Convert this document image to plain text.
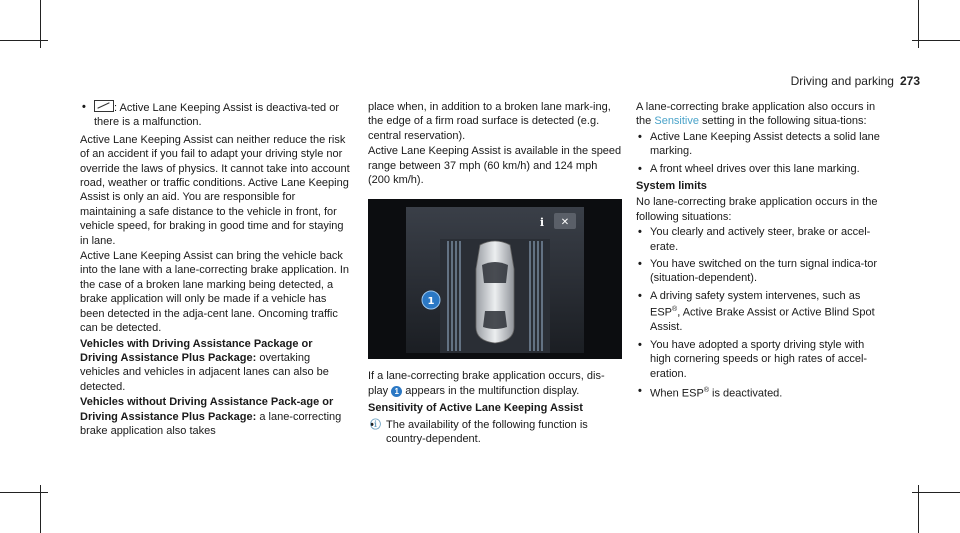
Driving and parking 273
• : Active Lane Keeping Assist is deactiva-ted or there is a malfunction.

Active Lane Keeping Assist can neither reduce the risk of an accident if you fail to adapt your driving style nor override the laws of physics. It cannot take into account road, weather or traffic conditions. Active Lane Keeping Assist is only an aid. You are responsible for maintaining a safe distance to the vehicle in front, for vehicle speed, for braking in good time and for staying in lane.

Active Lane Keeping Assist can bring the vehicle back into the lane with a lane-correcting brake application. In the case of a broken lane marking being detected, a brake application will only be made if a vehicle has been detected in the adja-cent lane. Oncoming traffic can be detected.

Vehicles with Driving Assistance Package or Driving Assistance Plus Package: overtaking vehicles and vehicles in adjacent lanes can also be detected.

Vehicles without Driving Assistance Pack-age or Driving Assistance Plus Package: a lane-correcting brake application also takes

place when, in addition to a broken lane mark-ing, the edge of a firm road surface is detected (e.g. central reservation).

Active Lane Keeping Assist is available in the speed range between 37 mph (60 km/h) and 124 mph (200 km/h).

✕
i
1

If a lane-correcting brake application occurs, dis-play 1 appears in the multifunction display.

Sensitivity of Active Lane Keeping Assist
• ⓘ The availability of the following function is country-dependent.

A lane-correcting brake application also occurs in the Sensitive setting in the following situa-tions:

• Active Lane Keeping Assist detects a solid lane marking.
• A front wheel drives over this lane marking.
System limits

No lane-correcting brake application occurs in the following situations:

• You clearly and actively steer, brake or accel-erate.
• You have switched on the turn signal indica-tor (situation-dependent).
• A driving safety system intervenes, such as ESP®, Active Brake Assist or Active Blind Spot Assist.
• You have adopted a sporty driving style with high cornering speeds or high rates of accel-eration.
• When ESP® is deactivated.
